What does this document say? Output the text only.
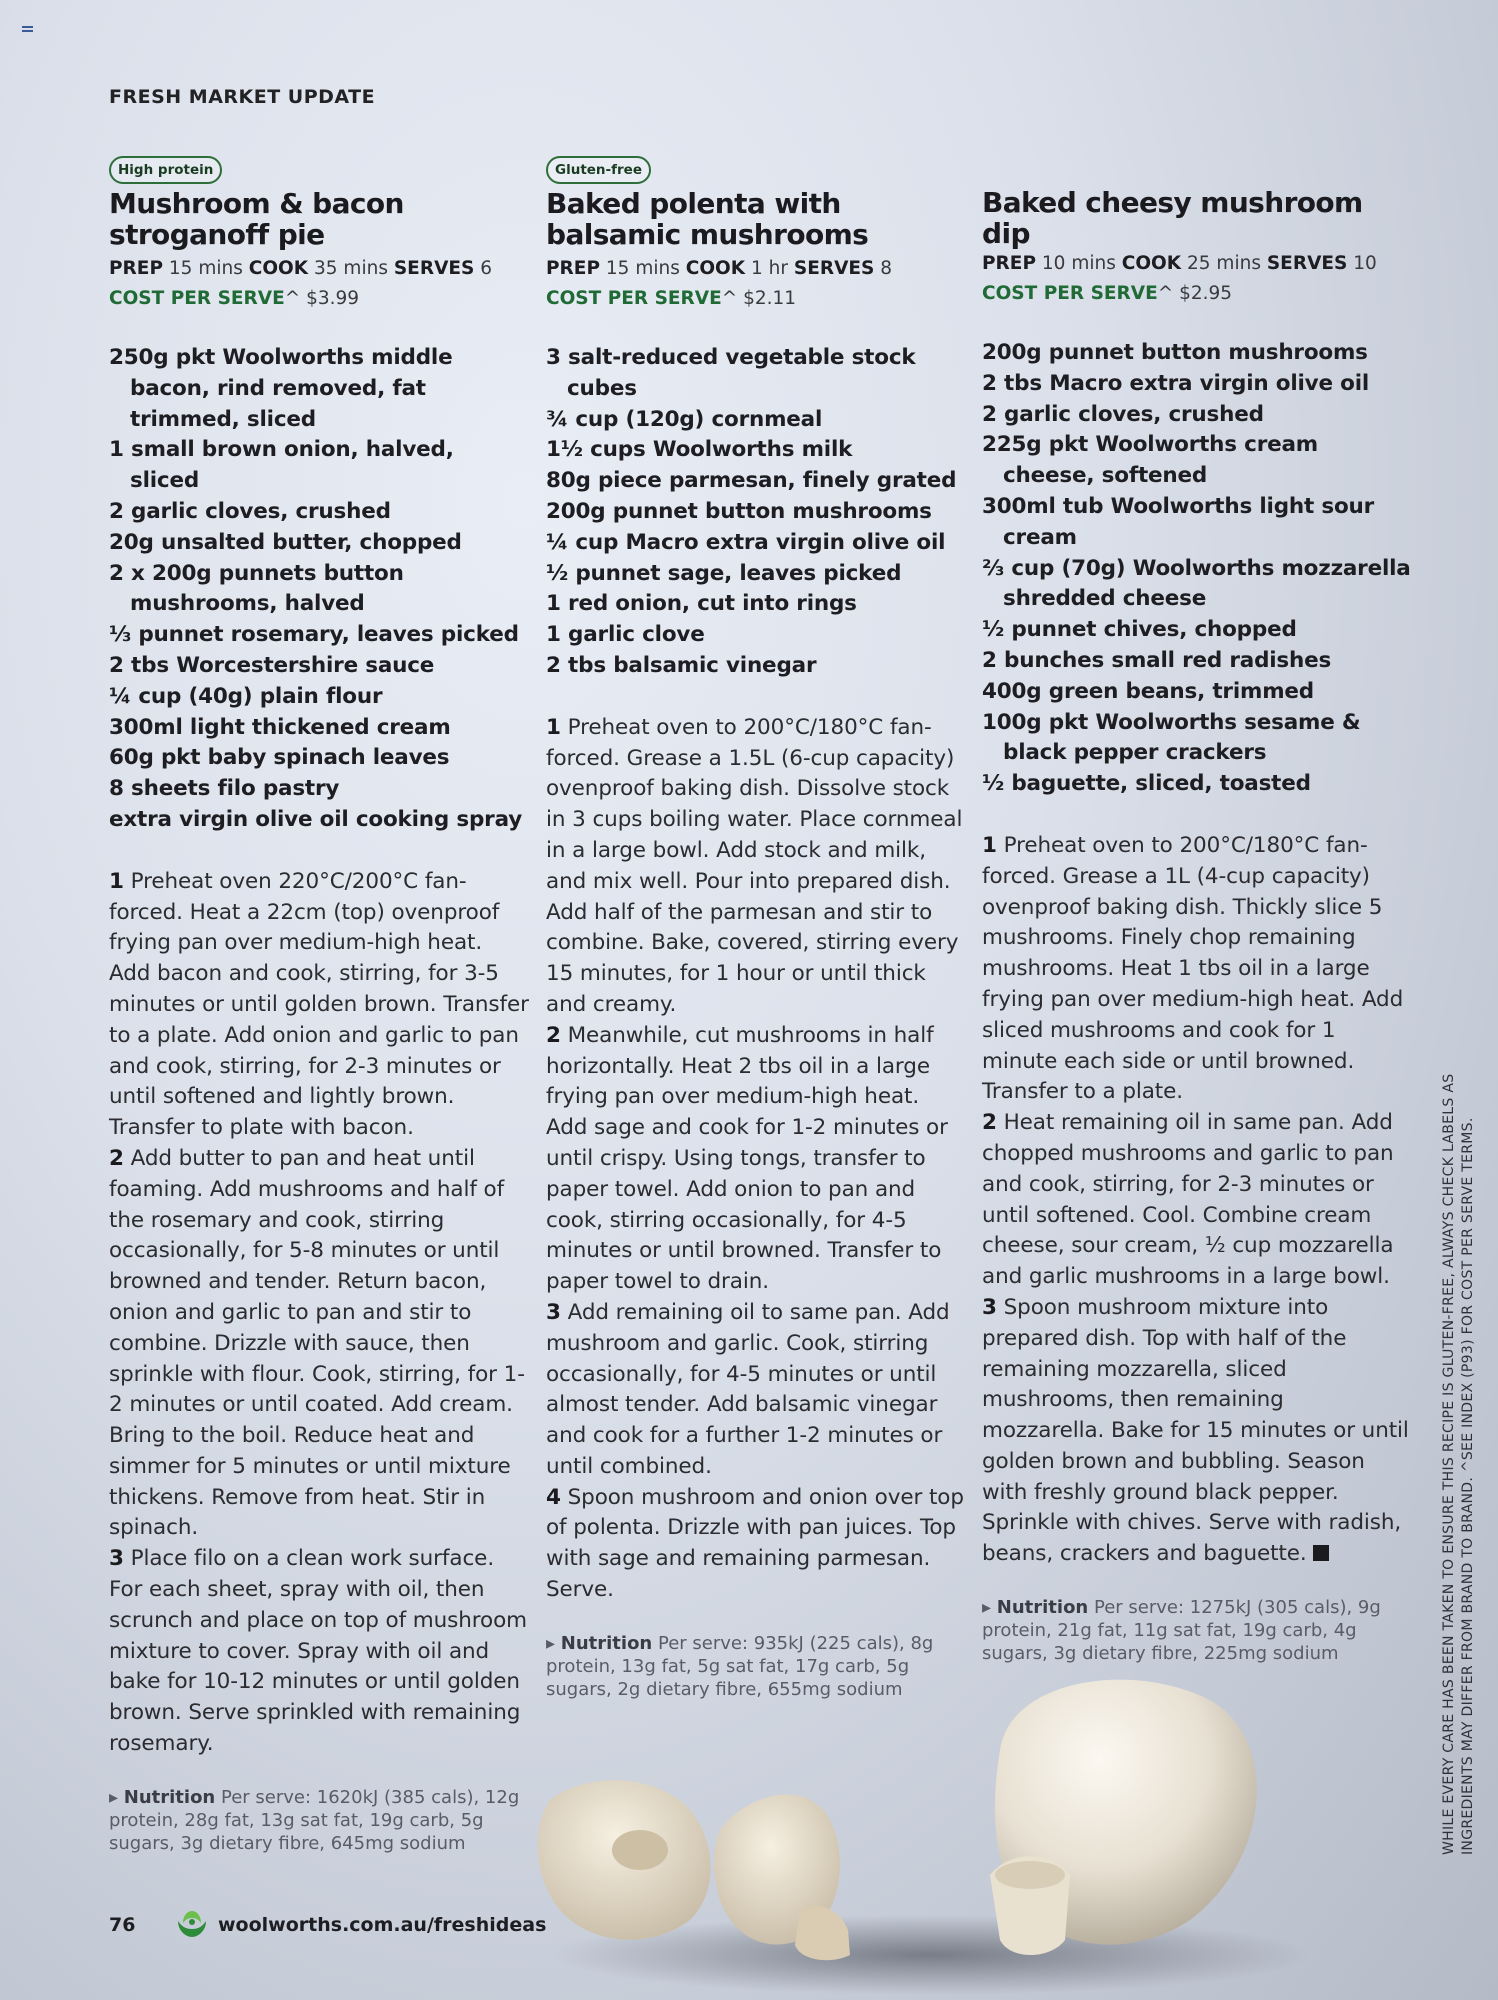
FRESH MARKET UPDATE
High protein
Mushroom & bacon
stroganoff pie
PREP 15 mins COOK 35 mins SERVES 6
COST PER SERVE^ $3.99
250g pkt Woolworths middle bacon, rind removed, fat trimmed, sliced
1 small brown onion, halved, sliced
2 garlic cloves, crushed
20g unsalted butter, chopped
2 x 200g punnets button mushrooms, halved
⅓ punnet rosemary, leaves picked
2 tbs Worcestershire sauce
¼ cup (40g) plain flour
300ml light thickened cream
60g pkt baby spinach leaves
8 sheets filo pastry
extra virgin olive oil cooking spray
1 Preheat oven 220°C/200°C fan-forced. Heat a 22cm (top) ovenproof frying pan over medium-high heat. Add bacon and cook, stirring, for 3-5 minutes or until golden brown. Transfer to a plate. Add onion and garlic to pan and cook, stirring, for 2-3 minutes or until softened and lightly brown. Transfer to plate with bacon.
2 Add butter to pan and heat until foaming. Add mushrooms and half of the rosemary and cook, stirring occasionally, for 5-8 minutes or until browned and tender. Return bacon, onion and garlic to pan and stir to combine. Drizzle with sauce, then sprinkle with flour. Cook, stirring, for 1-2 minutes or until coated. Add cream. Bring to the boil. Reduce heat and simmer for 5 minutes or until mixture thickens. Remove from heat. Stir in spinach.
3 Place filo on a clean work surface. For each sheet, spray with oil, then scrunch and place on top of mushroom mixture to cover. Spray with oil and bake for 10-12 minutes or until golden brown. Serve sprinkled with remaining rosemary.
▸ Nutrition Per serve: 1620kJ (385 cals), 12g protein, 28g fat, 13g sat fat, 19g carb, 5g sugars, 3g dietary fibre, 645mg sodium
Gluten-free
Baked polenta with
balsamic mushrooms
PREP 15 mins COOK 1 hr SERVES 8
COST PER SERVE^ $2.11
3 salt-reduced vegetable stock cubes
¾ cup (120g) cornmeal
1½ cups Woolworths milk
80g piece parmesan, finely grated
200g punnet button mushrooms
¼ cup Macro extra virgin olive oil
½ punnet sage, leaves picked
1 red onion, cut into rings
1 garlic clove
2 tbs balsamic vinegar
1 Preheat oven to 200°C/180°C fan-forced. Grease a 1.5L (6-cup capacity) ovenproof baking dish. Dissolve stock in 3 cups boiling water. Place cornmeal in a large bowl. Add stock and milk, and mix well. Pour into prepared dish. Add half of the parmesan and stir to combine. Bake, covered, stirring every 15 minutes, for 1 hour or until thick and creamy.
2 Meanwhile, cut mushrooms in half horizontally. Heat 2 tbs oil in a large frying pan over medium-high heat. Add sage and cook for 1-2 minutes or until crispy. Using tongs, transfer to paper towel. Add onion to pan and cook, stirring occasionally, for 4-5 minutes or until browned. Transfer to paper towel to drain.
3 Add remaining oil to same pan. Add mushroom and garlic. Cook, stirring occasionally, for 4-5 minutes or until almost tender. Add balsamic vinegar and cook for a further 1-2 minutes or until combined.
4 Spoon mushroom and onion over top of polenta. Drizzle with pan juices. Top with sage and remaining parmesan. Serve.
▸ Nutrition Per serve: 935kJ (225 cals), 8g protein, 13g fat, 5g sat fat, 17g carb, 5g sugars, 2g dietary fibre, 655mg sodium
Baked cheesy mushroom dip
PREP 10 mins COOK 25 mins SERVES 10
COST PER SERVE^ $2.95
200g punnet button mushrooms
2 tbs Macro extra virgin olive oil
2 garlic cloves, crushed
225g pkt Woolworths cream cheese, softened
300ml tub Woolworths light sour cream
⅔ cup (70g) Woolworths mozzarella shredded cheese
½ punnet chives, chopped
2 bunches small red radishes
400g green beans, trimmed
100g pkt Woolworths sesame & black pepper crackers
½ baguette, sliced, toasted
1 Preheat oven to 200°C/180°C fan-forced. Grease a 1L (4-cup capacity) ovenproof baking dish. Thickly slice 5 mushrooms. Finely chop remaining mushrooms. Heat 1 tbs oil in a large frying pan over medium-high heat. Add sliced mushrooms and cook for 1 minute each side or until browned. Transfer to a plate.
2 Heat remaining oil in same pan. Add chopped mushrooms and garlic to pan and cook, stirring, for 2-3 minutes or until softened. Cool. Combine cream cheese, sour cream, ½ cup mozzarella and garlic mushrooms in a large bowl.
3 Spoon mushroom mixture into prepared dish. Top with half of the remaining mozzarella, sliced mushrooms, then remaining mozzarella. Bake for 15 minutes or until golden brown and bubbling. Season with freshly ground black pepper. Sprinkle with chives. Serve with radish, beans, crackers and baguette.
▸ Nutrition Per serve: 1275kJ (305 cals), 9g protein, 21g fat, 11g sat fat, 19g carb, 4g sugars, 3g dietary fibre, 225mg sodium	WHILE EVERY CARE HAS BEEN TAKEN TO ENSURE THIS RECIPE IS GLUTEN-FREE, ALWAYS CHECK LABELS AS INGREDIENTS MAY DIFFER FROM BRAND TO BRAND. ^SEE INDEX (P93) FOR COST PER SERVE TERMS.
76	woolworths.com.au/freshideas
